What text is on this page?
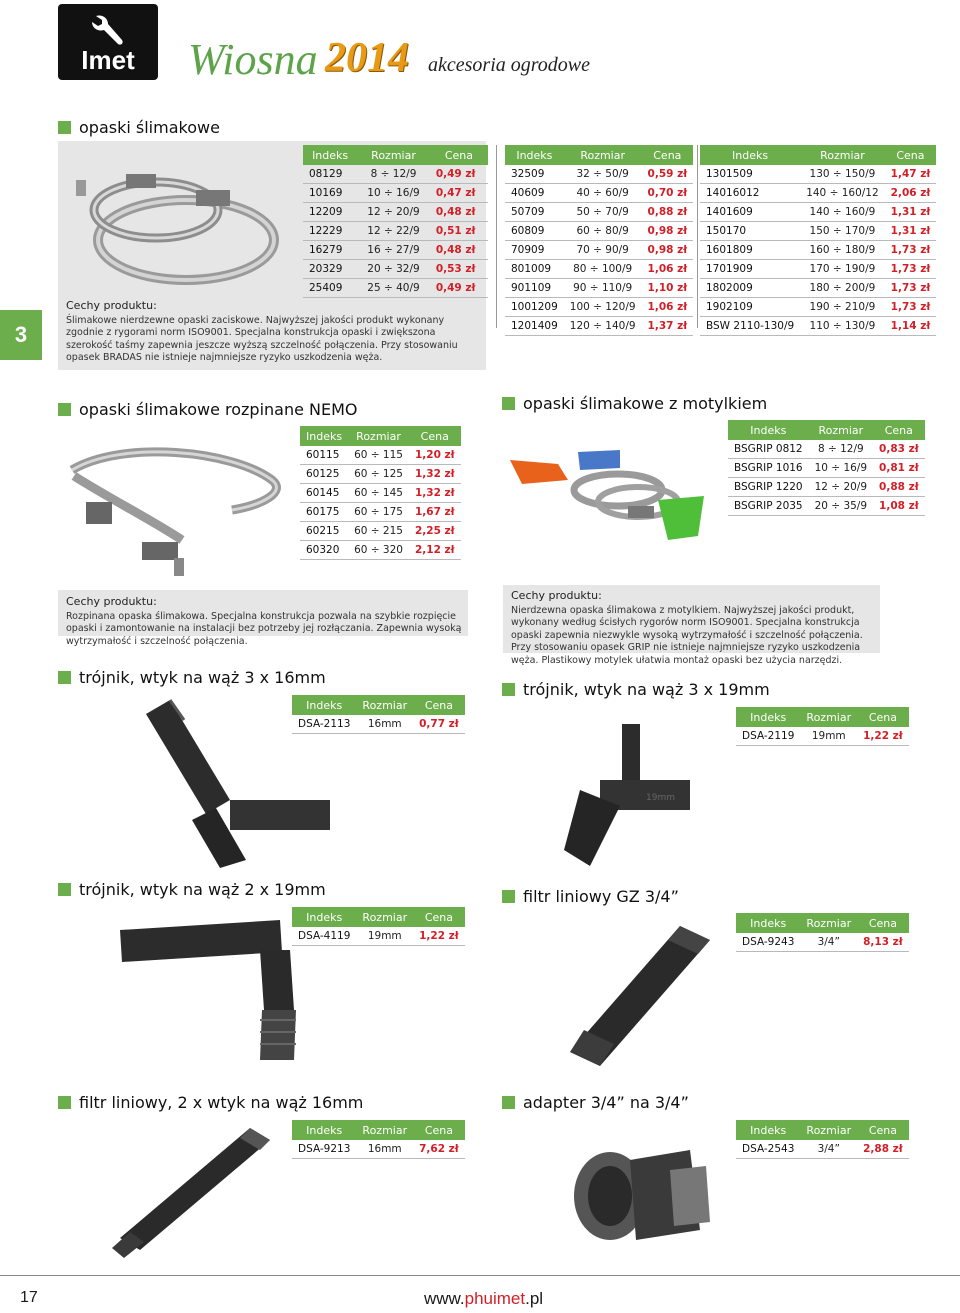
Imet	Wiosna 2014 akcesoria ogrodowe
opaski ślimakowe
Cechy produktu:
Ślimakowe nierdzewne opaski zaciskowe. Najwyższej jakości produkt wykonany zgodnie z rygorami norm ISO9001. Specjalna konstrukcja opaski i zwiększona szerokość taśmy zapewnia jeszcze wyższą szczelność połączenia. Przy stosowaniu opasek BRADAS nie istnieje najmniejsze ryzyko uszkodzenia węża.
Indeks	Rozmiar	Cena
08129	8 ÷ 12/9	0,49 zł
10169	10 ÷ 16/9	0,47 zł
12209	12 ÷ 20/9	0,48 zł
12229	12 ÷ 22/9	0,51 zł
16279	16 ÷ 27/9	0,48 zł
20329	20 ÷ 32/9	0,53 zł
25409	25 ÷ 40/9	0,49 zł
Indeks	Rozmiar	Cena
32509	32 ÷ 50/9	0,59 zł
40609	40 ÷ 60/9	0,70 zł
50709	50 ÷ 70/9	0,88 zł
60809	60 ÷ 80/9	0,98 zł
70909	70 ÷ 90/9	0,98 zł
801009	80 ÷ 100/9	1,06 zł
901109	90 ÷ 110/9	1,10 zł
1001209	100 ÷ 120/9	1,06 zł
1201409	120 ÷ 140/9	1,37 zł
Indeks	Rozmiar	Cena
1301509	130 ÷ 150/9	1,47 zł
14016012	140 ÷ 160/12	2,06 zł
1401609	140 ÷ 160/9	1,31 zł
150170	150 ÷ 170/9	1,31 zł
1601809	160 ÷ 180/9	1,73 zł
1701909	170 ÷ 190/9	1,73 zł
1802009	180 ÷ 200/9	1,73 zł
1902109	190 ÷ 210/9	1,73 zł
BSW 2110-130/9	110 ÷ 130/9	1,14 zł
3
opaski ślimakowe rozpinane NEMO
Indeks	Rozmiar	Cena
60115	60 ÷ 115	1,20 zł
60125	60 ÷ 125	1,32 zł
60145	60 ÷ 145	1,32 zł
60175	60 ÷ 175	1,67 zł
60215	60 ÷ 215	2,25 zł
60320	60 ÷ 320	2,12 zł
Cechy produktu:
Rozpinana opaska ślimakowa. Specjalna konstrukcja pozwala na szybkie rozpięcie opaski i zamontowanie na instalacji bez potrzeby jej rozłączania. Zapewnia wysoką wytrzymałość i szczelność połączenia.
opaski ślimakowe z motylkiem
Indeks	Rozmiar	Cena
BSGRIP 0812	8 ÷ 12/9	0,83 zł
BSGRIP 1016	10 ÷ 16/9	0,81 zł
BSGRIP 1220	12 ÷ 20/9	0,88 zł
BSGRIP 2035	20 ÷ 35/9	1,08 zł
Cechy produktu:
Nierdzewna opaska ślimakowa z motylkiem. Najwyższej jakości produkt, wykonany według ścisłych rygorów norm ISO9001. Specjalna konstrukcja opaski zapewnia niezwykle wysoką wytrzymałość i szczelność połączenia. Przy stosowaniu opasek GRIP nie istnieje najmniejsze ryzyko uszkodzenia węża. Plastikowy motylek ułatwia montaż opaski bez użycia narzędzi.
trójnik, wtyk na wąż 3 x 16mm
Indeks	Rozmiar	Cena
DSA-2113	16mm	0,77 zł
trójnik, wtyk na wąż 3 x 19mm
Indeks	Rozmiar	Cena
DSA-2119	19mm	1,22 zł
19mm
trójnik, wtyk na wąż 2 x 19mm
Indeks	Rozmiar	Cena
DSA-4119	19mm	1,22 zł
filtr liniowy GZ 3/4”
Indeks	Rozmiar	Cena
DSA-9243	3/4”	8,13 zł
filtr liniowy, 2 x wtyk na wąż 16mm
Indeks	Rozmiar	Cena
DSA-9213	16mm	7,62 zł
adapter 3/4” na 3/4”
Indeks	Rozmiar	Cena
DSA-2543	3/4”	2,88 zł
17	www.phuimet.pl
